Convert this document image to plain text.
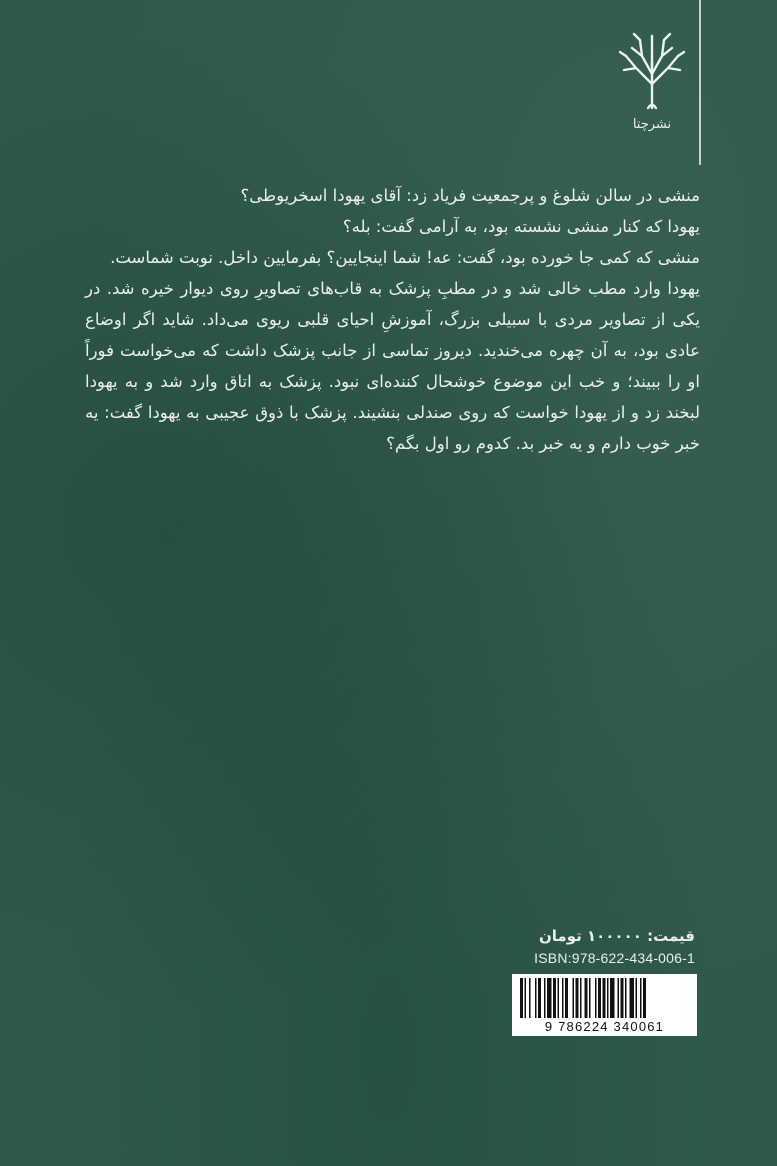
نشرچتا

منشی در سالن شلوغ و پرجمعیت فریاد زد: آقای یهودا اسخریوطی؟

یهودا که کنار منشی نشسته بود، به آرامی گفت: بله؟

منشی که کمی جا خورده بود، گفت: عه! شما اینجایین؟ بفرمایین داخل. نوبت شماست.

یهودا وارد مطب خالی شد و در مطبِ پزشک به قاب‌های تصاویرِ روی دیوار خیره شد. در یکی از تصاویر مردی با سبیلی بزرگ، آموزشِ احیای قلبی ریوی می‌داد. شاید اگر اوضاع عادی بود، به آن چهره می‌خندید. دیروز تماسی از جانب پزشک داشت که می‌خواست فوراً او را ببیند؛ و خب این موضوع خوشحال کننده‌ای نبود. پزشک به اتاق وارد شد و به یهودا لبخند زد و از یهودا خواست که روی صندلی بنشیند. پزشک با ذوق عجیبی به یهودا گفت: یه خبر خوب دارم و یه خبر بد. کدوم رو اول بگم؟

قیمت: ۱۰۰۰۰۰ تومان
ISBN:978-622-434-006-1
9 786224 340061
